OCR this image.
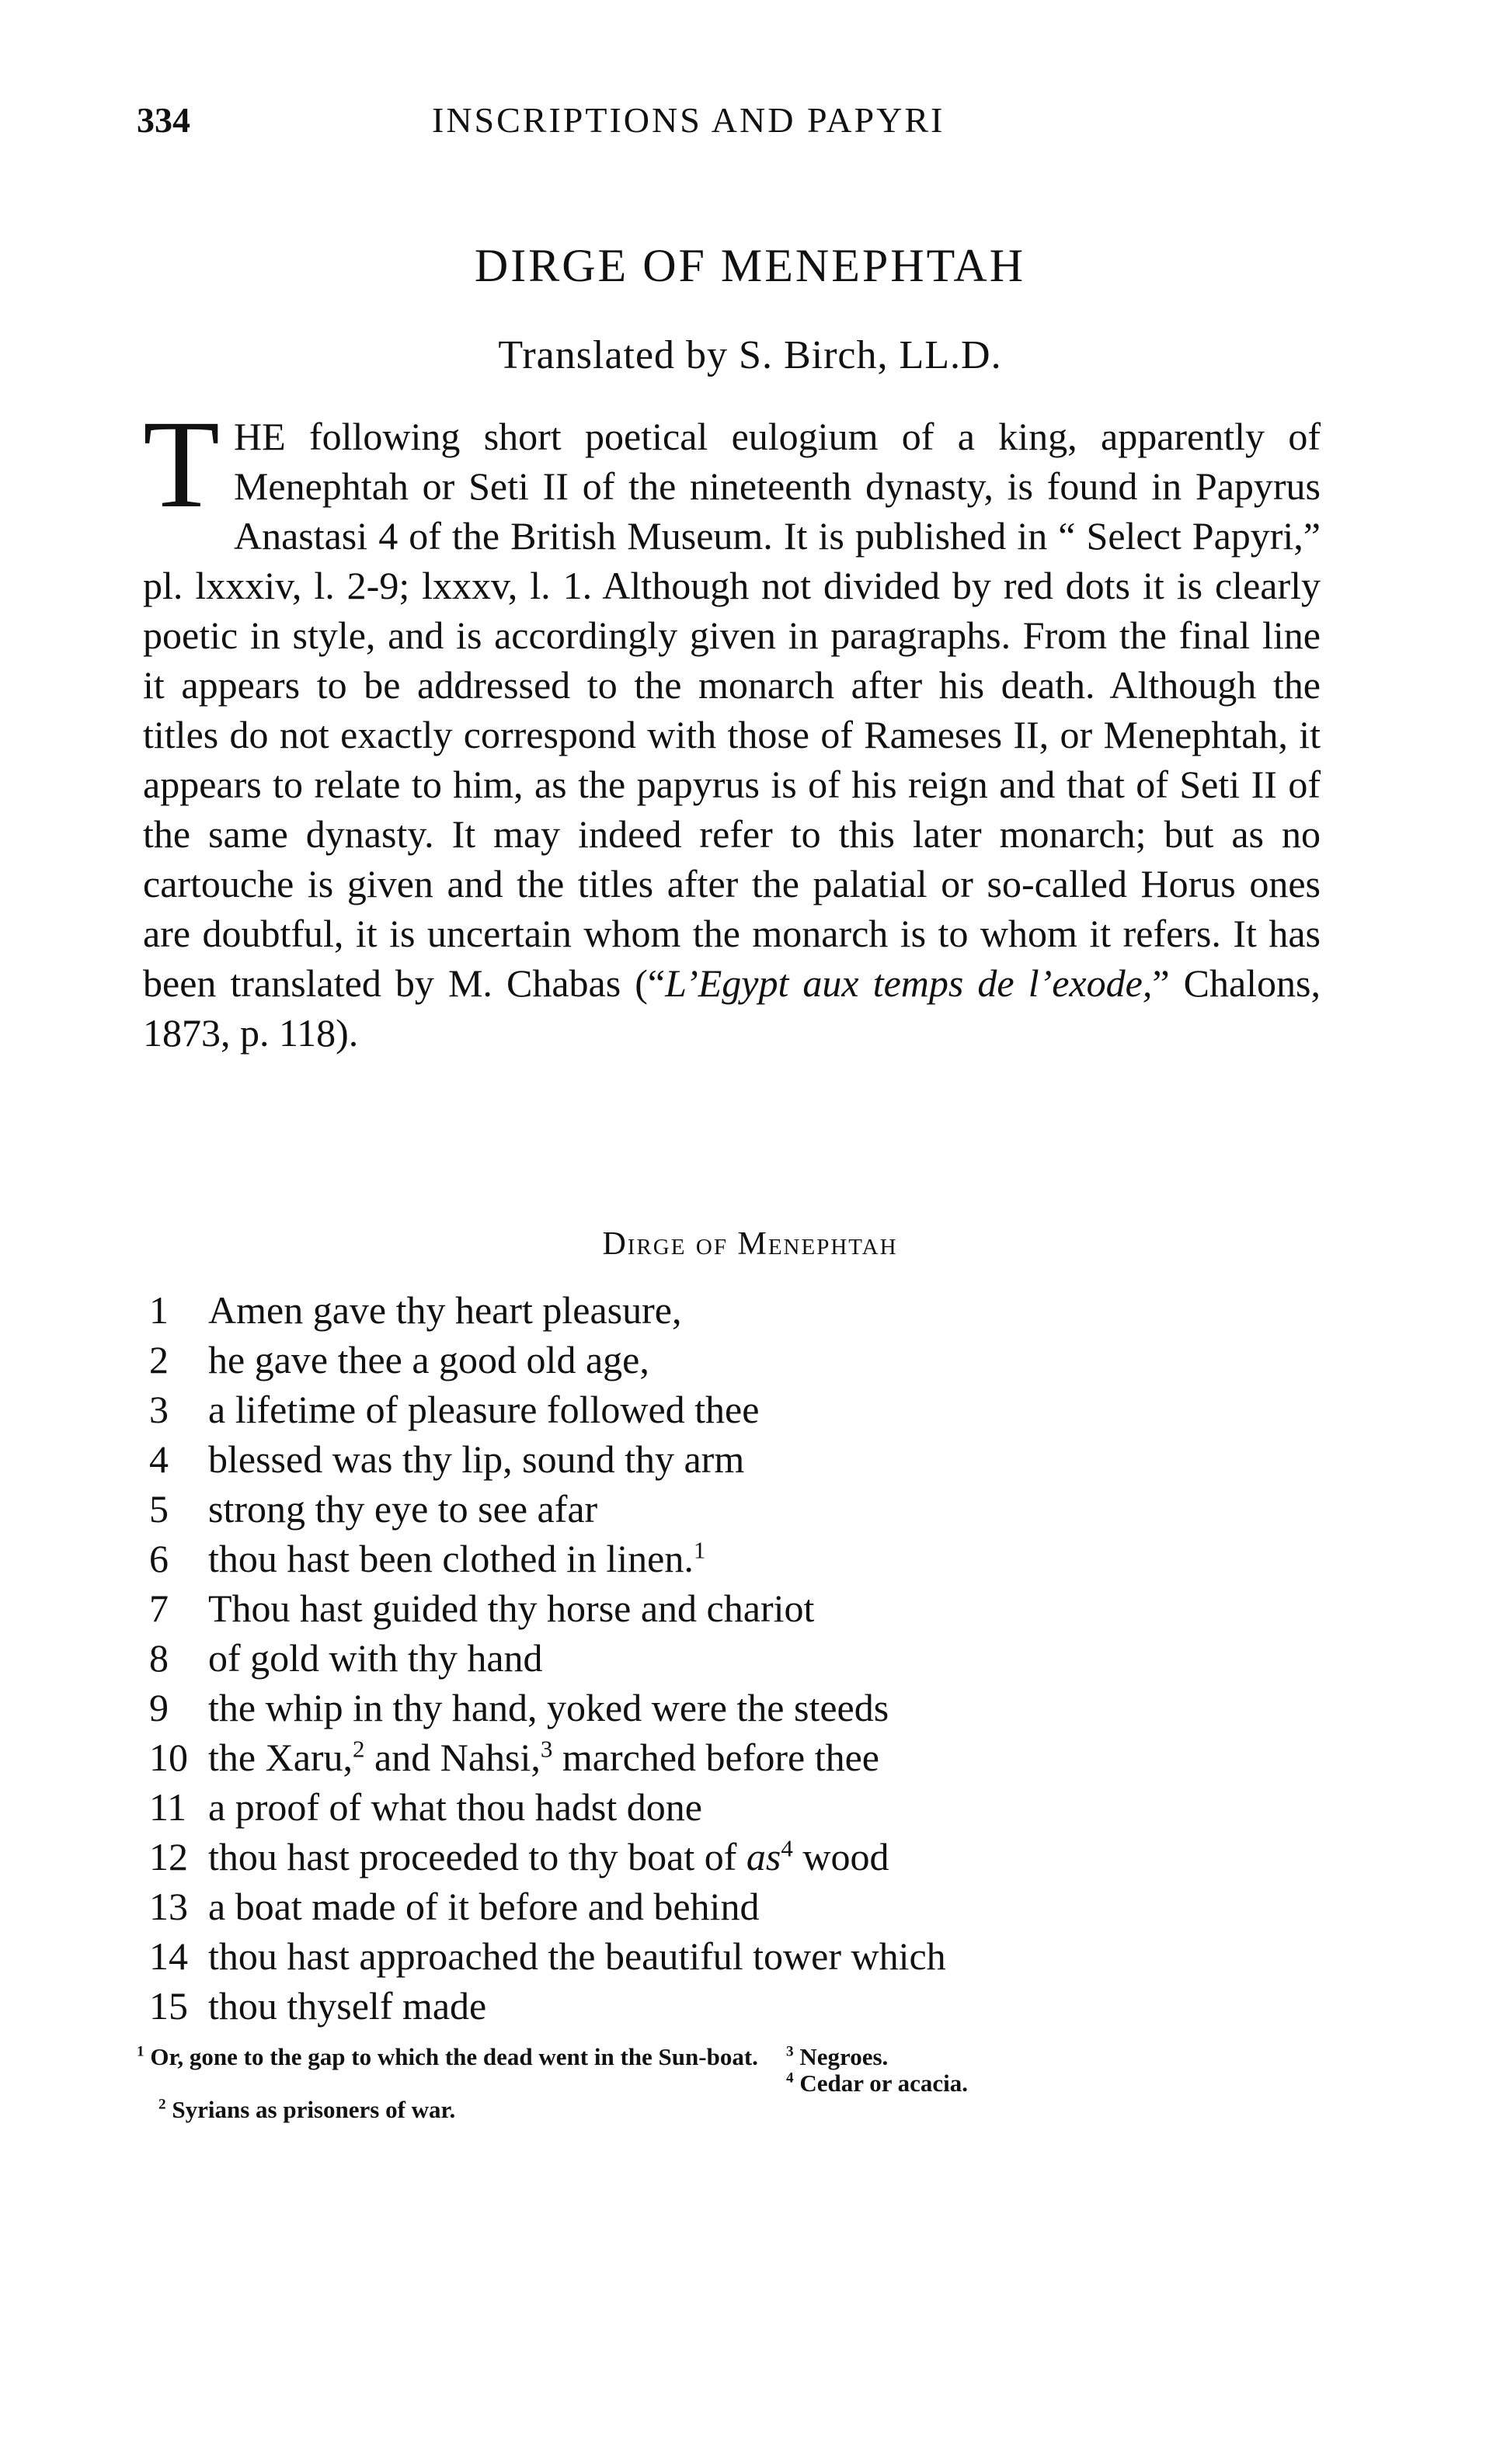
334	INSCRIPTIONS AND PAPYRI
DIRGE OF MENEPHTAH
Translated by S. Birch, LL.D.
T HE following short poetical eulogium of a king, apparently of Menephtah or Seti II of the nineteenth dynasty, is found in Papyrus Anastasi 4 of the British Museum. It is published in “ Select Papyri,” pl. lxxxiv, l. 2-9; lxxxv, l. 1. Although not divided by red dots it is clearly poetic in style, and is accordingly given in paragraphs. From the final line it appears to be addressed to the monarch after his death. Although the titles do not exactly correspond with those of Rameses II, or Menephtah, it appears to relate to him, as the papyrus is of his reign and that of Seti II of the same dynasty. It may indeed refer to this later monarch; but as no cartouche is given and the titles after the palatial or so-called Horus ones are doubtful, it is uncertain whom the monarch is to whom it refers. It has been translated by M. Chabas (“L’Egypt aux temps de l’exode,” Chalons, 1873, p. 118).
Dirge of Menephtah
1	Amen gave thy heart pleasure,
2	he gave thee a good old age,
3	a lifetime of pleasure followed thee
4	blessed was thy lip, sound thy arm
5	strong thy eye to see afar
6	thou hast been clothed in linen.$^1$
7	Thou hast guided thy horse and chariot
8	of gold with thy hand
9	the whip in thy hand, yoked were the steeds
10 the Xaru,$^2$ and Nahsi,$^3$ marched before thee
11 a proof of what thou hadst done
12 thou hast proceeded to thy boat of $as^4$ wood
13 a boat made of it before and behind
14 thou hast approached the beautiful tower which
15 thou thyself made
$^1$ Or, gone to the gap to which the dead went in the Sun-boat.
$^2$ Syrians as prisoners of war.
$^3$ Negroes.
$^4$ Cedar or acacia.
